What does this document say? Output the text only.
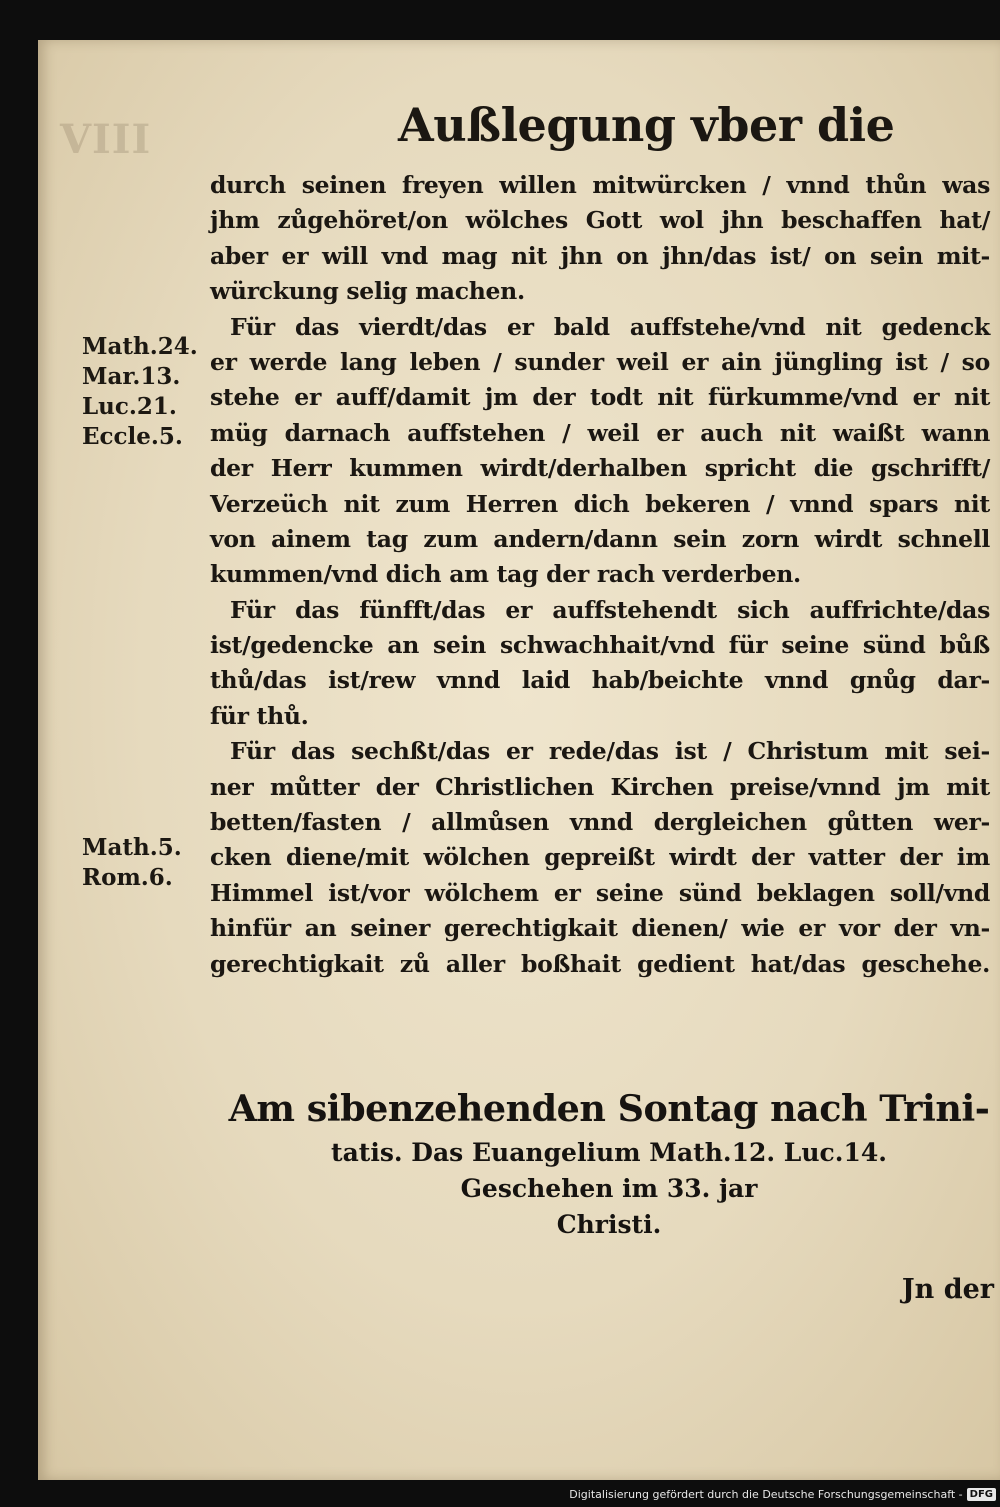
VIII	Außlegung vber die
Math.24.
Mar.13.
Luc.21.
Eccle.5.
Math.5.
Rom.6.
durch seinen freyen willen mitwürcken / vnnd thůn was
jhm zůgehöret/on wölches Gott wol jhn beschaffen hat/
aber er will vnd mag nit jhn on jhn/das ist/ on sein mit-
würckung selig machen.
Für das vierdt/das er bald auffstehe/vnd nit gedenck
er werde lang leben / sunder weil er ain jüngling ist / so
stehe er auff/damit jm der todt nit fürkumme/vnd er nit
müg darnach auffstehen / weil er auch nit waißt wann
der Herr kummen wirdt/derhalben spricht die gschrifft/
Verzeüch nit zum Herren dich bekeren / vnnd spars nit
von ainem tag zum andern/dann sein zorn wirdt schnell
kummen/vnd dich am tag der rach verderben.
Für das fünfft/das er auffstehendt sich auffrichte/das
ist/gedencke an sein schwachhait/vnd für seine sünd bůß
thů/das ist/rew vnnd laid hab/beichte vnnd gnůg dar-
für thů.
Für das sechßt/das er rede/das ist / Christum mit sei-
ner můtter der Christlichen Kirchen preise/vnnd jm mit
betten/fasten / allmůsen vnnd dergleichen gůtten wer-
cken diene/mit wölchen gepreißt wirdt der vatter der im
Himmel ist/vor wölchem er seine sünd beklagen soll/vnd
hinfür an seiner gerechtigkait dienen/ wie er vor der vn-
gerechtigkait zů aller boßhait gedient hat/das geschehe.
Am sibenzehenden Sontag nach Trini-
tatis. Das Euangelium Math.12. Luc.14.
Geschehen im 33. jar
Christi.
Jn der
Digitalisierung gefördert durch die Deutsche Forschungsgemeinschaft - DFG
